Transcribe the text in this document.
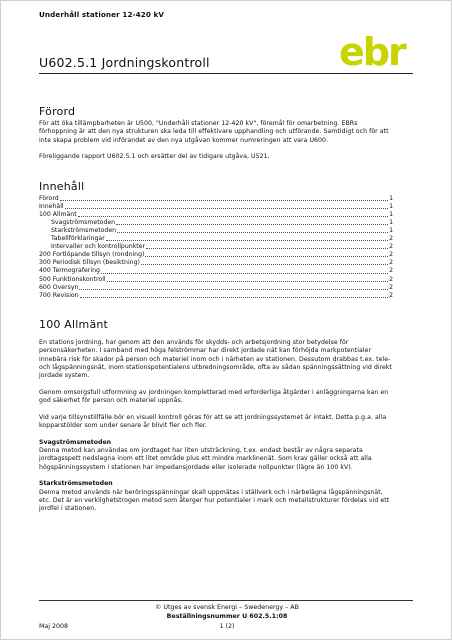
Underhåll stationer 12-420 kV
U602.5.1 Jordningskontroll	ebr
Förord

För att öka tillämpbarheten är U500, "Underhåll stationer 12-420 kV", föremål för omarbetning. EBRs förhoppning är att den nya strukturen ska leda till effektivare upphandling och utförande. Samtidigt och för att inte skapa problem vid införandet av den nya utgåvan kommer numreringen att vara U600.

Föreliggande rapport U602.5.1 och ersätter del av tidigare utgåva, U521.

Innehåll
Förord	1
Innehåll	1
100 Allmänt	1
Svagströmsmetoden	1
Starkströmsmetoden	1
Tabellförklaringar	2
Intervaller och kontrollpunkter	2
200 Fortlöpande tillsyn (rondning)	2
300 Periodisk tillsyn (besiktning)	2
400 Termografering	2
500 Funktionskontroll	2
600 Översyn	2
700 Revision	2
100 Allmänt

En stations jordning, har genom att den används för skydds- och arbetsjordning stor betydelse för personsäkerheten. I samband med höga felströmmar har direkt jordade nät kan förhöjda markpotentialer innebära risk för skador på person och materiel inom och i närheten av stationen. Dessutom drabbas t.ex. tele- och lågspänningsnät, inom stationspotentialens utbredningsområde, ofta av sådan spänningssättning vid direkt jordade system.

Genom omsorgsfull utformning av jordningen kompletterad med erforderliga åtgärder i anläggningarna kan en god säkerhet för person och materiel uppnås.

Vid varje tillsynstillfälle bör en visuell kontroll göras för att se att jordningssystemet är intakt. Detta p.g.a. alla kopparstölder som under senare år blivit fler och fler.

Svagströmsmetoden

Denna metod kan användas om jordtaget har liten utsträckning, t.ex. endast består av några separata jordtagsspett nedslagna inom ett litet område plus ett mindre marklinenät. Som krav gäller också att alla högspänningssystem i stationen har impedansjordade eller isolerade nollpunkter (lägre än 100 kV).

Starkströmsmetoden

Denna metod används när beröringsspänningar skall uppmätas i ställverk och i närbelägna lågspänningsnät, etc. Det är en verklighetstrogen metod som återger hur potentialer i mark och metallstrukturer fördelas vid ett jordfel i stationen.

© Utges av svensk Energi – Swedenergy – AB
Beställningsnummer U 602.5.1:08
Maj 2008	1 (2)
